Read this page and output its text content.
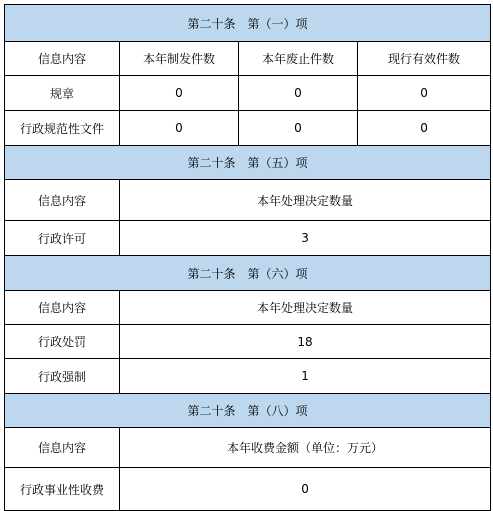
第二十条　第（一）项			
信息内容	本年制发件数	本年废止件数	现行有效件数
规章	0	0	0
行政规范性文件	0	0	0
第二十条　第（五）项			
信息内容	本年处理决定数量		
行政许可	3		
第二十条　第（六）项			
信息内容	本年处理决定数量		
行政处罚	18		
行政强制	1		
第二十条　第（八）项			
信息内容	本年收费金额（单位：万元）		
行政事业性收费	0		
